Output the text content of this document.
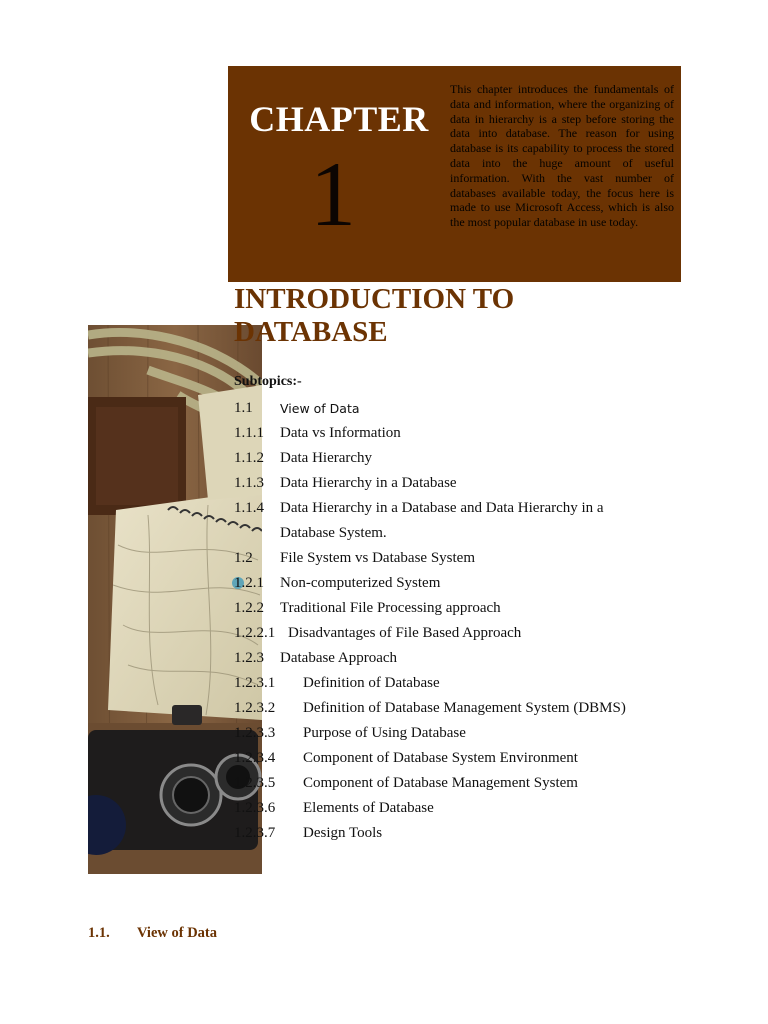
CHAPTER
1
This chapter introduces the fundamentals of data and information, where the organizing of data in hierarchy is a step before storing the data into database. The reason for using database is its capability to process the stored data into the huge amount of useful information. With the vast number of databases available today, the focus here is made to use Microsoft Access, which is also the most popular database in use today.
INTRODUCTION TO
DATABASE
Subtopics:-
1.1 View of Data
1.1.1 Data vs Information
1.1.2 Data Hierarchy
1.1.3 Data Hierarchy in a Database
1.1.4 Data Hierarchy in a Database and Data Hierarchy in a
Database System.
1.2 File System vs Database System
1.2.1 Non-computerized System
1.2.2 Traditional File Processing approach
1.2.2.1 Disadvantages of File Based Approach
1.2.3 Database Approach
1.2.3.1 Definition of Database
1.2.3.2 Definition of Database Management System (DBMS)
1.2.3.3 Purpose of Using Database
1.2.3.4 Component of Database System Environment
1.2.3.5 Component of Database Management System
1.2.3.6 Elements of Database
1.2.3.7 Design Tools
1.1. View of Data
